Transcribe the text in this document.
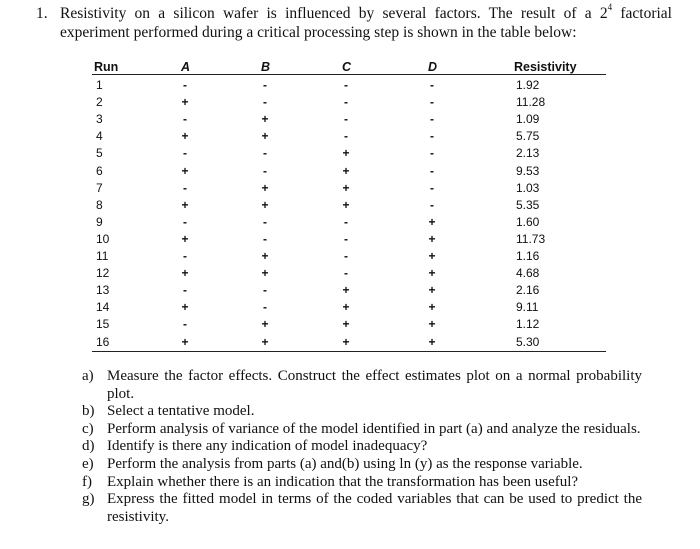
1. Resistivity on a silicon wafer is influenced by several factors. The result of a $2^4$ factorial experiment performed during a critical processing step is shown in the table below:
Run	A	B	C	D	Resistivity
1	-	-	-	-	1.92
2	+	-	-	-	11.28
3	-	+	-	-	1.09
4	+	+	-	-	5.75
5	-	-	+	-	2.13
6	+	-	+	-	9.53
7	-	+	+	-	1.03
8	+	+	+	-	5.35
9	-	-	-	+	1.60
10	+	-	-	+	11.73
11	-	+	-	+	1.16
12	+	+	-	+	4.68
13	-	-	+	+	2.16
14	+	-	+	+	9.11
15	-	+	+	+	1.12
16	+	+	+	+	5.30
a) Measure the factor effects. Construct the effect estimates plot on a normal probability plot.
b) Select a tentative model.
c) Perform analysis of variance of the model identified in part (a) and analyze the residuals.
d) Identify is there any indication of model inadequacy?
e) Perform the analysis from parts (a) and(b) using ln (y) as the response variable.
f) Explain whether there is an indication that the transformation has been useful?
g) Express the fitted model in terms of the coded variables that can be used to predict the resistivity.
